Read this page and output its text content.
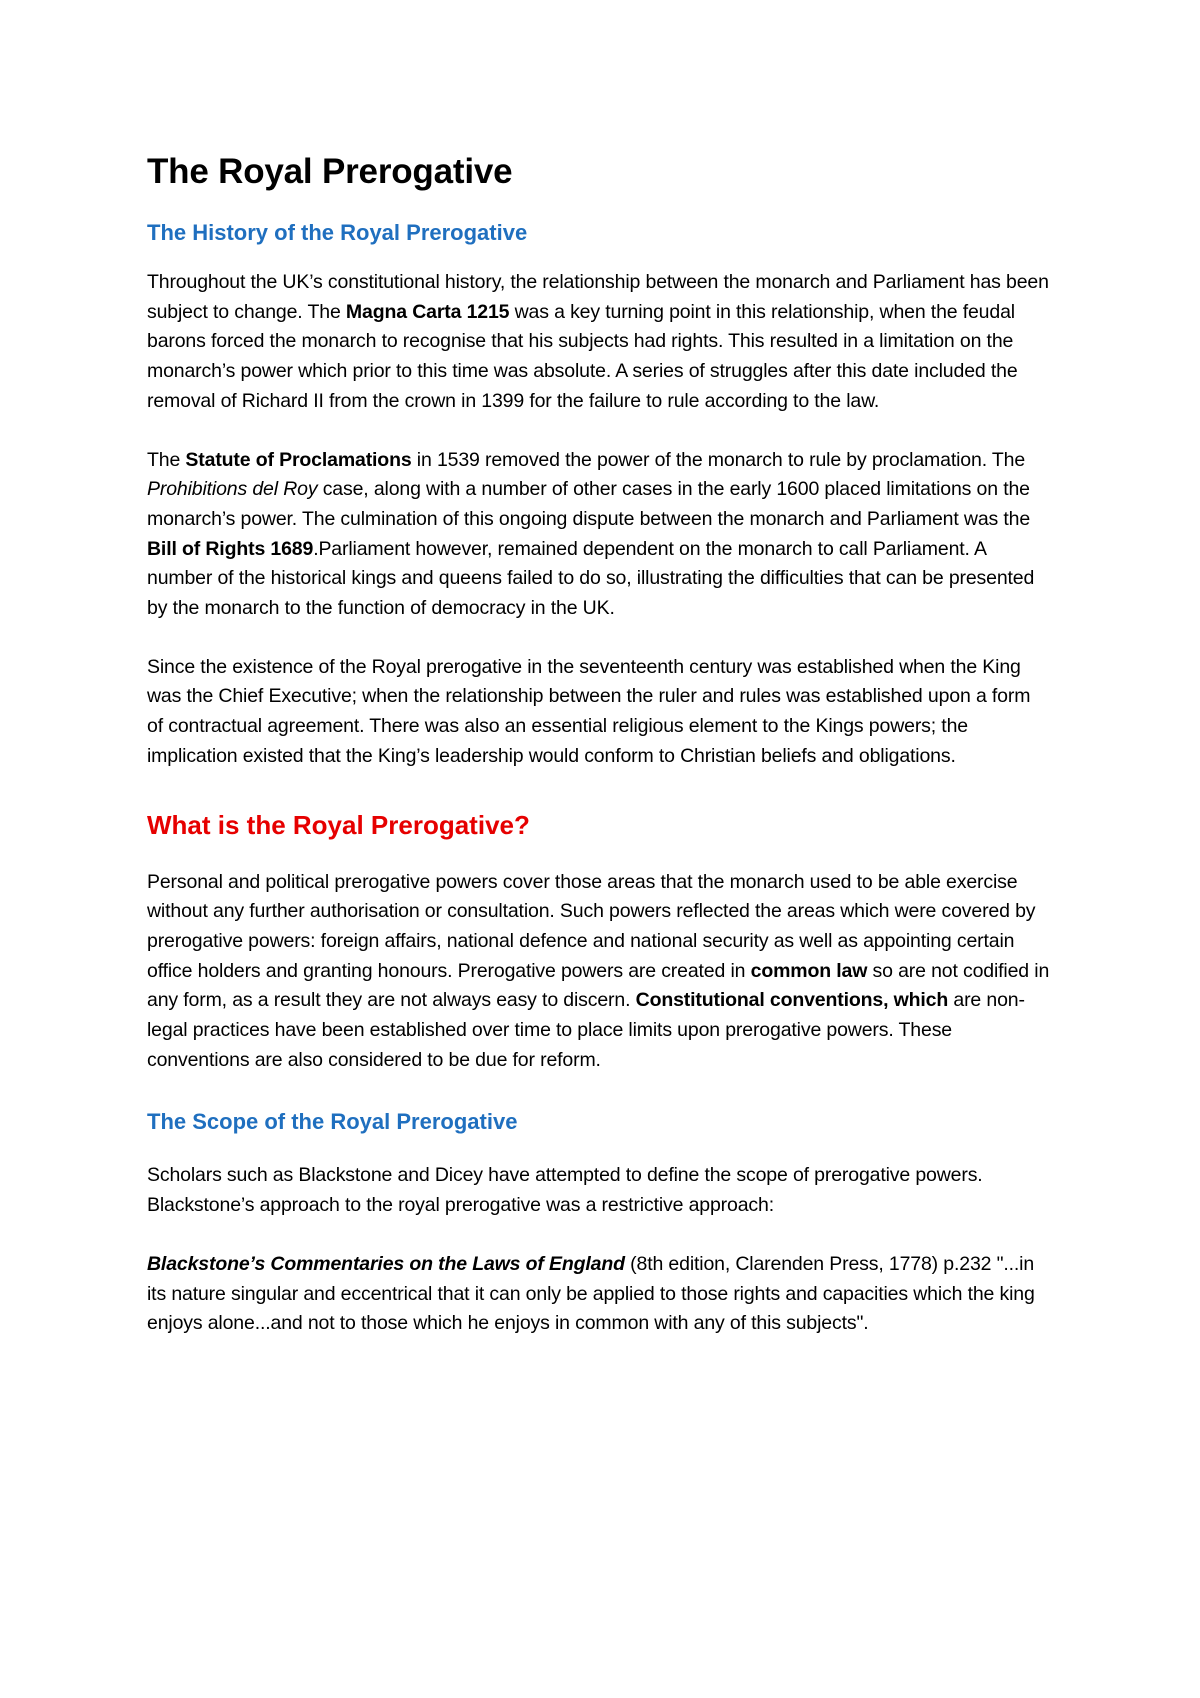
The Royal Prerogative
The History of the Royal Prerogative

Throughout the UK’s constitutional history, the relationship between the monarch and Parliament has been subject to change. The Magna Carta 1215 was a key turning point in this relationship, when the feudal barons forced the monarch to recognise that his subjects had rights. This resulted in a limitation on the monarch’s power which prior to this time was absolute. A series of struggles after this date included the removal of Richard II from the crown in 1399 for the failure to rule according to the law.

The Statute of Proclamations in 1539 removed the power of the monarch to rule by proclamation. The Prohibitions del Roy case, along with a number of other cases in the early 1600 placed limitations on the monarch’s power. The culmination of this ongoing dispute between the monarch and Parliament was the Bill of Rights 1689.Parliament however, remained dependent on the monarch to call Parliament. A number of the historical kings and queens failed to do so, illustrating the difficulties that can be presented by the monarch to the function of democracy in the UK.

Since the existence of the Royal prerogative in the seventeenth century was established when the King was the Chief Executive; when the relationship between the ruler and rules was established upon a form of contractual agreement. There was also an essential religious element to the Kings powers; the implication existed that the King’s leadership would conform to Christian beliefs and obligations.

What is the Royal Prerogative?

Personal and political prerogative powers cover those areas that the monarch used to be able exercise without any further authorisation or consultation. Such powers reflected the areas which were covered by prerogative powers: foreign affairs, national defence and national security as well as appointing certain office holders and granting honours. Prerogative powers are created in common law so are not codified in any form, as a result they are not always easy to discern. Constitutional conventions, which are non-legal practices have been established over time to place limits upon prerogative powers. These conventions are also considered to be due for reform.

The Scope of the Royal Prerogative

Scholars such as Blackstone and Dicey have attempted to define the scope of prerogative powers. Blackstone’s approach to the royal prerogative was a restrictive approach:

Blackstone’s Commentaries on the Laws of England (8th edition, Clarenden Press, 1778) p.232 "...in its nature singular and eccentrical that it can only be applied to those rights and capacities which the king enjoys alone...and not to those which he enjoys in common with any of this subjects".
